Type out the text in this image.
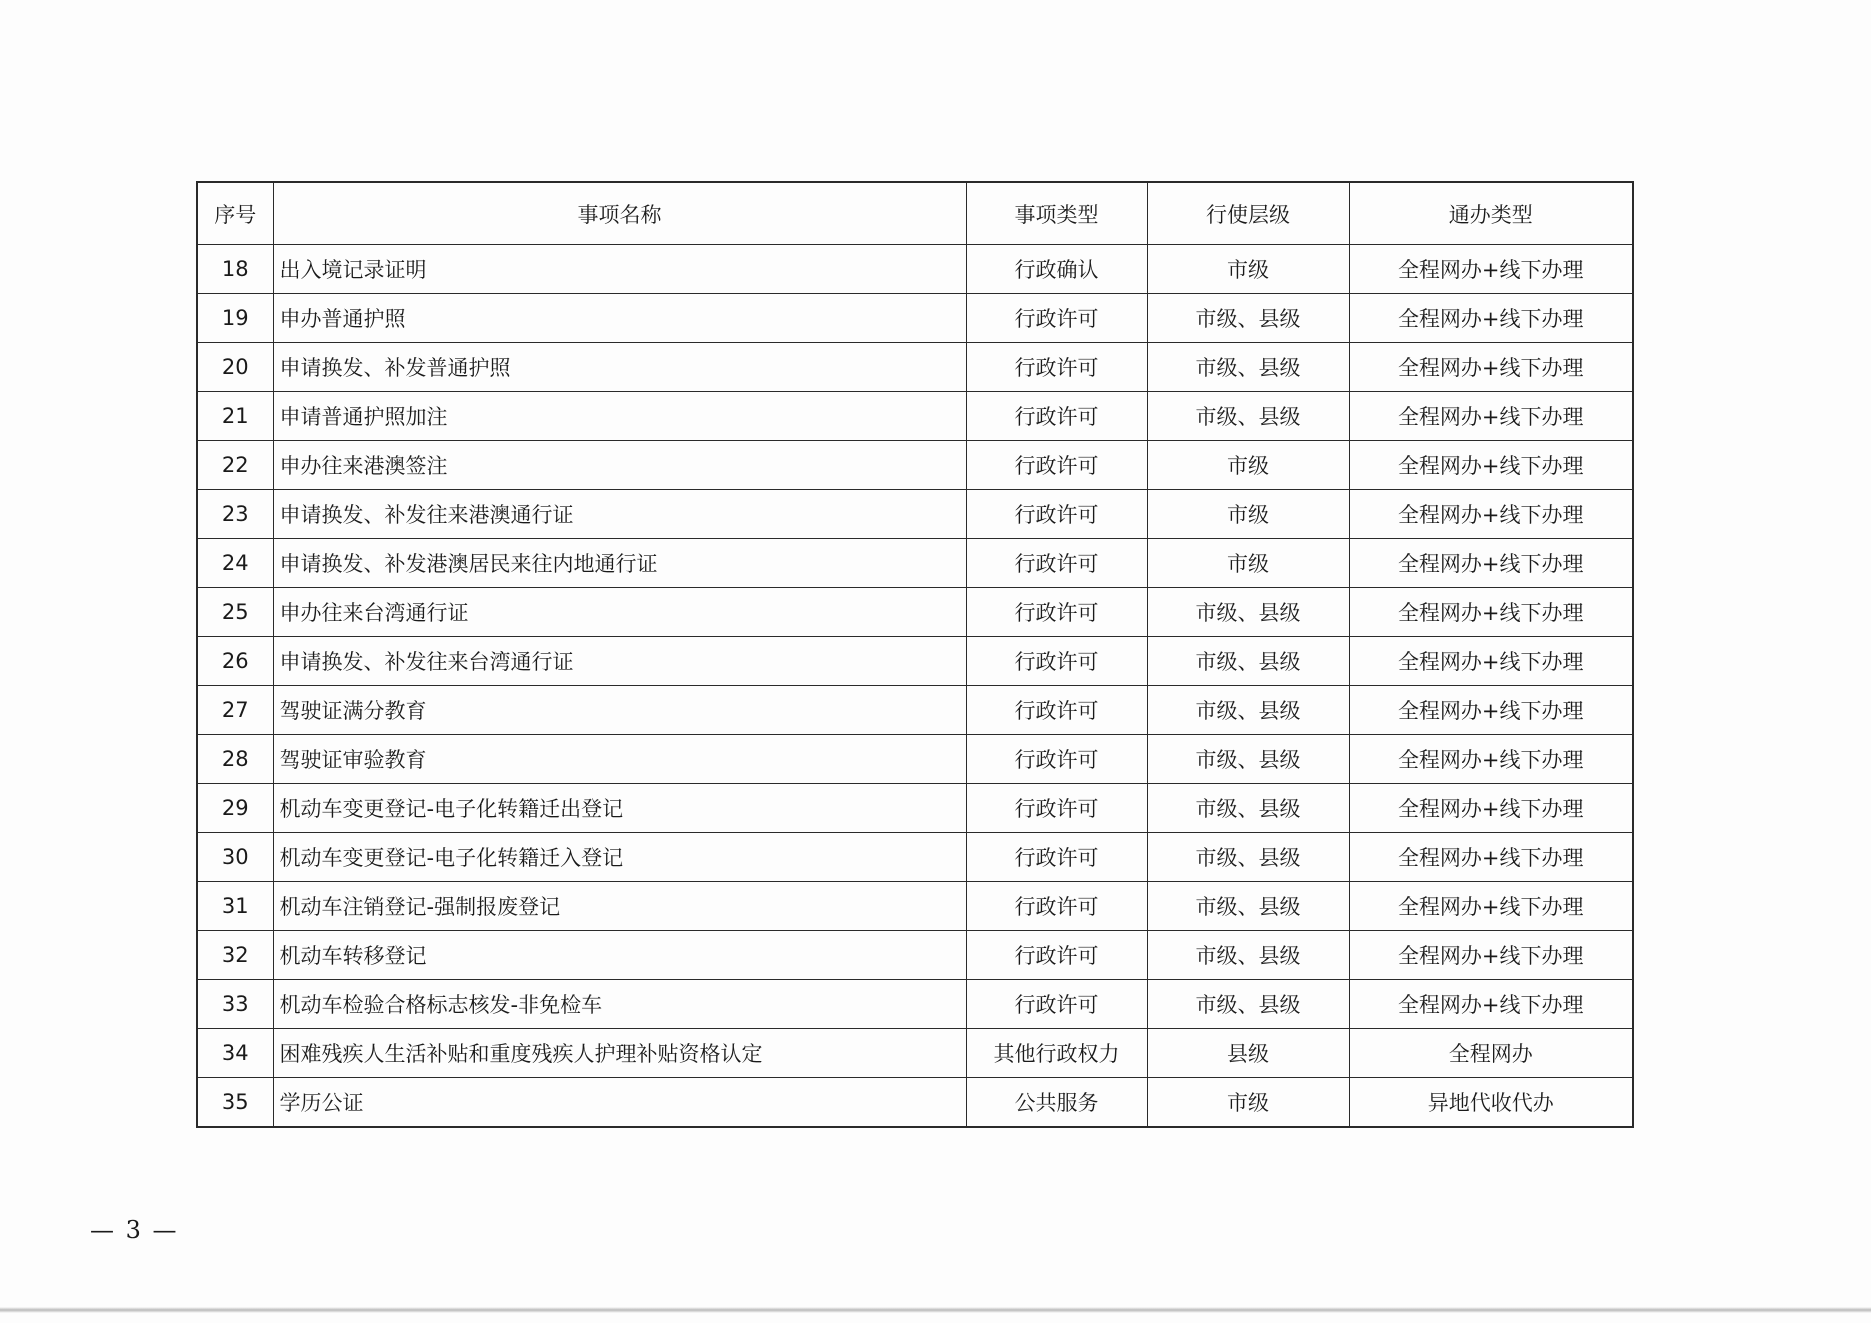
序号	事项名称	事项类型	行使层级	通办类型
18	出入境记录证明	行政确认	市级	全程网办+线下办理
19	申办普通护照	行政许可	市级、县级	全程网办+线下办理
20	申请换发、补发普通护照	行政许可	市级、县级	全程网办+线下办理
21	申请普通护照加注	行政许可	市级、县级	全程网办+线下办理
22	申办往来港澳签注	行政许可	市级	全程网办+线下办理
23	申请换发、补发往来港澳通行证	行政许可	市级	全程网办+线下办理
24	申请换发、补发港澳居民来往内地通行证	行政许可	市级	全程网办+线下办理
25	申办往来台湾通行证	行政许可	市级、县级	全程网办+线下办理
26	申请换发、补发往来台湾通行证	行政许可	市级、县级	全程网办+线下办理
27	驾驶证满分教育	行政许可	市级、县级	全程网办+线下办理
28	驾驶证审验教育	行政许可	市级、县级	全程网办+线下办理
29	机动车变更登记-电子化转籍迁出登记	行政许可	市级、县级	全程网办+线下办理
30	机动车变更登记-电子化转籍迁入登记	行政许可	市级、县级	全程网办+线下办理
31	机动车注销登记-强制报废登记	行政许可	市级、县级	全程网办+线下办理
32	机动车转移登记	行政许可	市级、县级	全程网办+线下办理
33	机动车检验合格标志核发-非免检车	行政许可	市级、县级	全程网办+线下办理
34	困难残疾人生活补贴和重度残疾人护理补贴资格认定	其他行政权力	县级	全程网办
35	学历公证	公共服务	市级	异地代收代办
— 3 —
